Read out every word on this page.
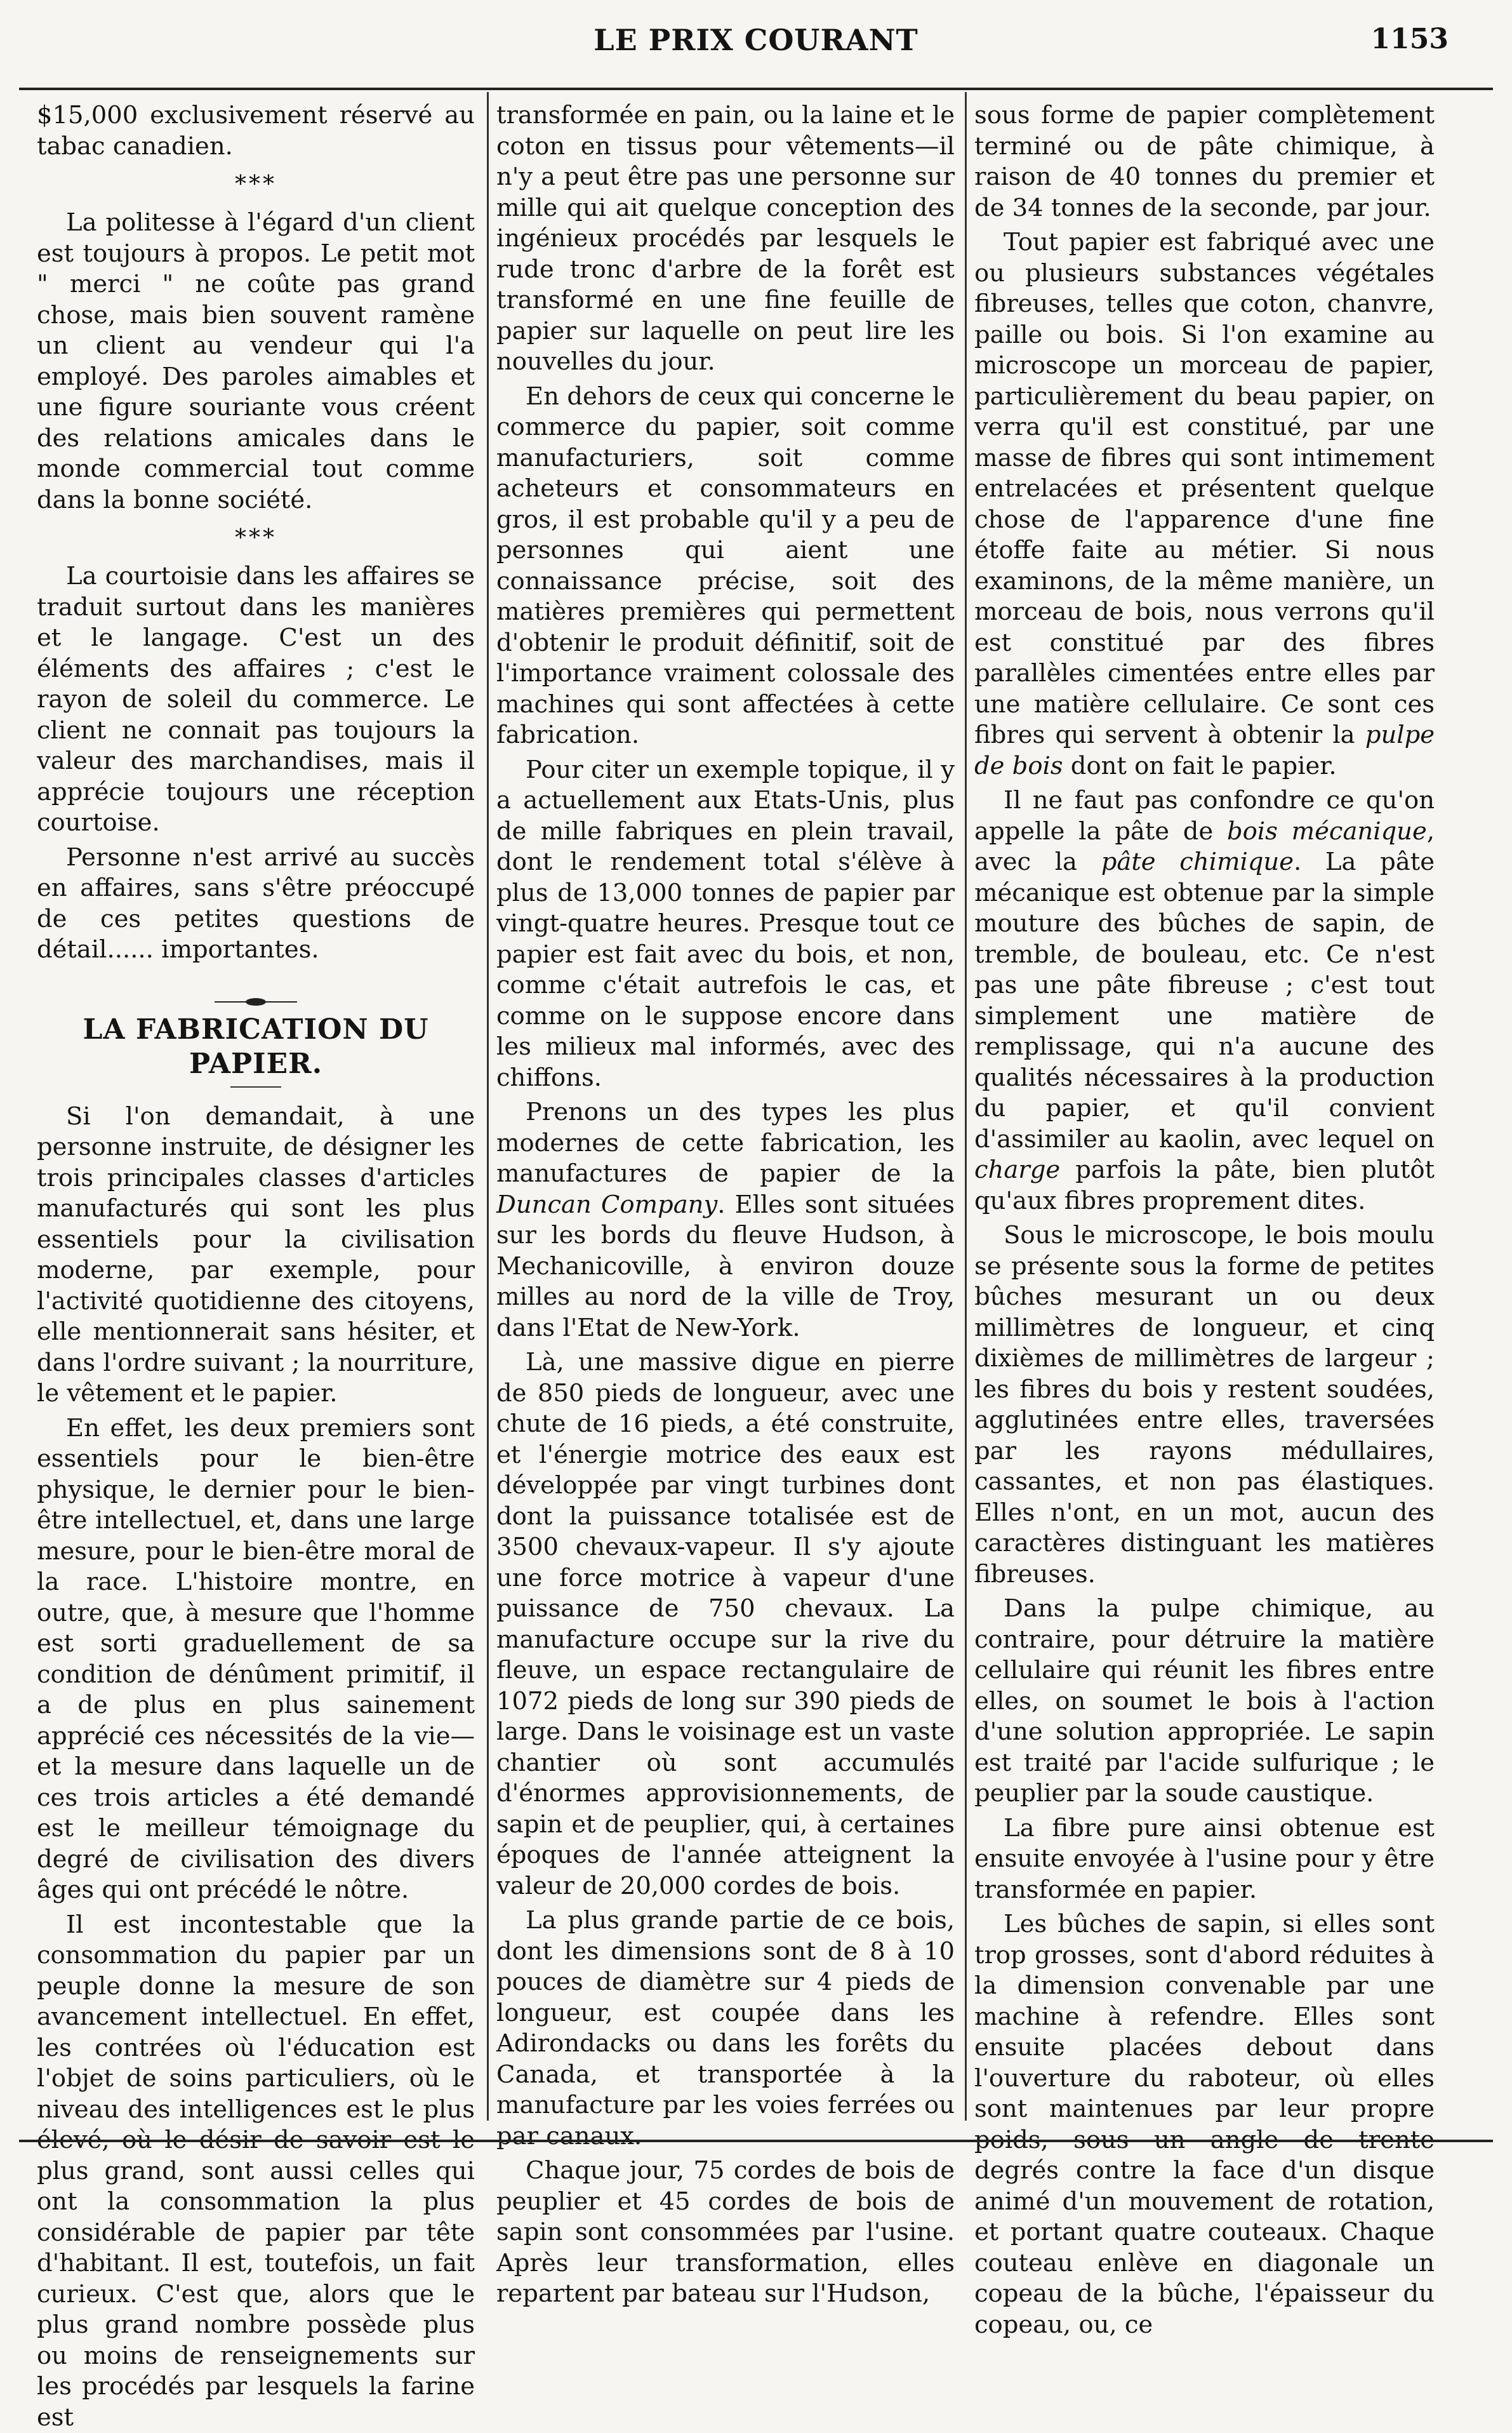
LE PRIX COURANT	1153

$15,000 exclusivement réservé au tabac canadien.

***

La politesse à l'égard d'un client est toujours à propos. Le petit mot " merci " ne coûte pas grand chose, mais bien souvent ramène un client au vendeur qui l'a employé. Des paroles aimables et une figure souriante vous créent des relations amicales dans le monde commercial tout comme dans la bonne société.

***

La courtoisie dans les affaires se traduit surtout dans les manières et le langage. C'est un des éléments des affaires ; c'est le rayon de soleil du commerce. Le client ne connait pas toujours la valeur des marchandises, mais il apprécie toujours une réception courtoise.

Personne n'est arrivé au succès en affaires, sans s'être préoccupé de ces petites questions de détail...... importantes.

LA FABRICATION DU PAPIER.

Si l'on demandait, à une personne instruite, de désigner les trois principales classes d'articles manufacturés qui sont les plus essentiels pour la civilisation moderne, par exemple, pour l'activité quotidienne des citoyens, elle mentionnerait sans hésiter, et dans l'ordre suivant ; la nourriture, le vêtement et le papier.

En effet, les deux premiers sont essentiels pour le bien-être physique, le dernier pour le bien-être intellectuel, et, dans une large mesure, pour le bien-être moral de la race. L'histoire montre, en outre, que, à mesure que l'homme est sorti graduellement de sa condition de dénûment primitif, il a de plus en plus sainement apprécié ces nécessités de la vie—et la mesure dans laquelle un de ces trois articles a été demandé est le meilleur témoignage du degré de civilisation des divers âges qui ont précédé le nôtre.

Il est incontestable que la consommation du papier par un peuple donne la mesure de son avancement intellectuel. En effet, les contrées où l'éducation est l'objet de soins particuliers, où le niveau des intelligences est le plus élevé, où le désir de savoir est le plus grand, sont aussi celles qui ont la consommation la plus considérable de papier par tête d'habitant. Il est, toutefois, un fait curieux. C'est que, alors que le plus grand nombre possède plus ou moins de renseignements sur les procédés par lesquels la farine est

transformée en pain, ou la laine et le coton en tissus pour vêtements—il n'y a peut être pas une personne sur mille qui ait quelque conception des ingénieux procédés par lesquels le rude tronc d'arbre de la forêt est transformé en une fine feuille de papier sur laquelle on peut lire les nouvelles du jour.

En dehors de ceux qui concerne le commerce du papier, soit comme manufacturiers, soit comme acheteurs et consommateurs en gros, il est probable qu'il y a peu de personnes qui aient une connaissance précise, soit des matières premières qui permettent d'obtenir le produit définitif, soit de l'importance vraiment colossale des machines qui sont affectées à cette fabrication.

Pour citer un exemple topique, il y a actuellement aux Etats-Unis, plus de mille fabriques en plein travail, dont le rendement total s'élève à plus de 13,000 tonnes de papier par vingt-quatre heures. Presque tout ce papier est fait avec du bois, et non, comme c'était autrefois le cas, et comme on le suppose encore dans les milieux mal informés, avec des chiffons.

Prenons un des types les plus modernes de cette fabrication, les manufactures de papier de la Duncan Company. Elles sont situées sur les bords du fleuve Hudson, à Mechanicoville, à environ douze milles au nord de la ville de Troy, dans l'Etat de New-York.

Là, une massive digue en pierre de 850 pieds de longueur, avec une chute de 16 pieds, a été construite, et l'énergie motrice des eaux est développée par vingt turbines dont dont la puissance totalisée est de 3500 chevaux-vapeur. Il s'y ajoute une force motrice à vapeur d'une puissance de 750 chevaux. La manufacture occupe sur la rive du fleuve, un espace rectangulaire de 1072 pieds de long sur 390 pieds de large. Dans le voisinage est un vaste chantier où sont accumulés d'énormes approvisionnements, de sapin et de peuplier, qui, à certaines époques de l'année atteignent la valeur de 20,000 cordes de bois.

La plus grande partie de ce bois, dont les dimensions sont de 8 à 10 pouces de diamètre sur 4 pieds de longueur, est coupée dans les Adirondacks ou dans les forêts du Canada, et transportée à la manufacture par les voies ferrées ou par canaux.

Chaque jour, 75 cordes de bois de peuplier et 45 cordes de bois de sapin sont consommées par l'usine. Après leur transformation, elles repartent par bateau sur l'Hudson,

sous forme de papier complètement terminé ou de pâte chimique, à raison de 40 tonnes du premier et de 34 tonnes de la seconde, par jour.

Tout papier est fabriqué avec une ou plusieurs substances végétales fibreuses, telles que coton, chanvre, paille ou bois. Si l'on examine au microscope un morceau de papier, particulièrement du beau papier, on verra qu'il est constitué, par une masse de fibres qui sont intimement entrelacées et présentent quelque chose de l'apparence d'une fine étoffe faite au métier. Si nous examinons, de la même manière, un morceau de bois, nous verrons qu'il est constitué par des fibres parallèles cimentées entre elles par une matière cellulaire. Ce sont ces fibres qui servent à obtenir la pulpe de bois dont on fait le papier.

Il ne faut pas confondre ce qu'on appelle la pâte de bois mécanique, avec la pâte chimique. La pâte mécanique est obtenue par la simple mouture des bûches de sapin, de tremble, de bouleau, etc. Ce n'est pas une pâte fibreuse ; c'est tout simplement une matière de remplissage, qui n'a aucune des qualités nécessaires à la production du papier, et qu'il convient d'assimiler au kaolin, avec lequel on charge parfois la pâte, bien plutôt qu'aux fibres proprement dites.

Sous le microscope, le bois moulu se présente sous la forme de petites bûches mesurant un ou deux millimètres de longueur, et cinq dixièmes de millimètres de largeur ; les fibres du bois y restent soudées, agglutinées entre elles, traversées par les rayons médullaires, cassantes, et non pas élastiques. Elles n'ont, en un mot, aucun des caractères distinguant les matières fibreuses.

Dans la pulpe chimique, au contraire, pour détruire la matière cellulaire qui réunit les fibres entre elles, on soumet le bois à l'action d'une solution appropriée. Le sapin est traité par l'acide sulfurique ; le peuplier par la soude caustique.

La fibre pure ainsi obtenue est ensuite envoyée à l'usine pour y être transformée en papier.

Les bûches de sapin, si elles sont trop grosses, sont d'abord réduites à la dimension convenable par une machine à refendre. Elles sont ensuite placées debout dans l'ouverture du raboteur, où elles sont maintenues par leur propre poids, sous un angle de trente degrés contre la face d'un disque animé d'un mouvement de rotation, et portant quatre couteaux. Chaque couteau enlève en diagonale un copeau de la bûche, l'épaisseur du copeau, ou, ce
